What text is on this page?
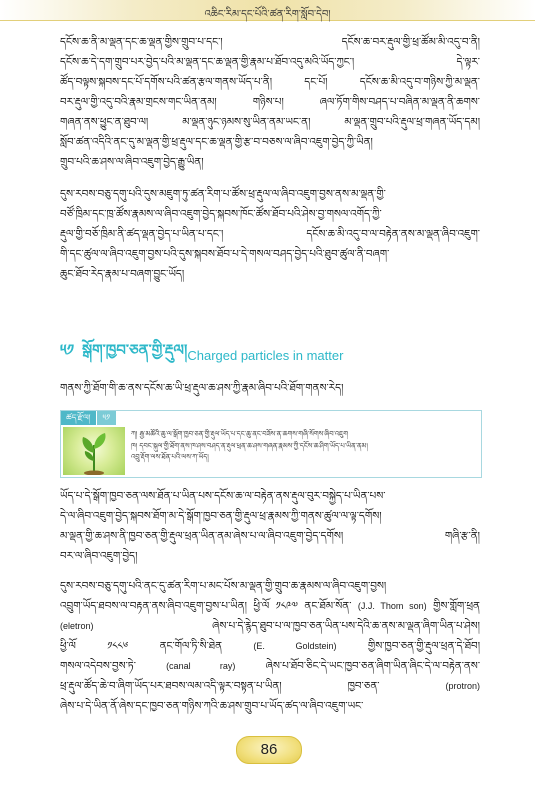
འཆིང་རིམ་དང་པོའི་ཚན་རིག་སློབ་དེབ།
དངོས་ཆ་ནི་མ་ལྡན་དང་ཆ་ལྡན་གྱིས་གྲུབ་པ་དང་། དངོས་ཆ་བར་རྡུལ་གྱི་ཕྲ་ཚོམ་མི་འདུ་བ་ནི།
དངོས་ཆ་དེ་དག་གྲུབ་པར་བྱེད་པའི་མ་ལྡན་དང་ཆ་ལྡན་གྱི་རྣམ་པ་ཐོབ་འདུ་མའི་ཡོད་ཀྱང་། དེ་ལྟར་
ཚོད་བལྟས་སྐབས་དང་པོ་དགོས་པའི་ཚན་རྩལ་གནས་ཡོད་པ་ནི། དང་པོ། དངོས་ཆ་མི་འདུ་བ་གཉིས་ཀྱི་མ་ལྡན་
བར་རྡུལ་གྱི་འདུ་བའི་རྣམ་གྲངས་གང་ཡིན་ནམ། གཉིས་པ། ཞལ་ཏོག་གིས་བཤད་པ་བཞིན་མ་ལྡན་ནི་ཆགས་
གཞན་ནས་ཕྱུང་ན་ཐུབ་ལ། མ་ལྡན་ཉུང་ཉམས་སུ་ཡིན་ནམ་ཡང་ན། མ་ལྡན་གྲུབ་པའི་རྡུལ་ཕྲ་གཞན་ཡོད་དམ།
སློབ་ཚན་འདིའི་ནང་དུ་མ་ལྡན་གྱི་ཕྲ་རྡུལ་དང་ཆ་ལྡན་གྱི་རྩ་བ་བཅས་ལ་ཞིབ་འཇུག་བྱེད་ཀྱི་ཡིན།
གྲུབ་པའི་ཆ་ཤས་ལ་ཞིབ་འཇུག་བྱེད་རྒྱུ་ཡིན།
དུས་རབས་བཅུ་དགུ་པའི་དུས་མཇུག་ཏུ་ཚན་རིག་པ་ཚོས་ཕྲ་རྡུལ་ལ་ཞིབ་འཇུག་བྱས་ནས་མ་ལྡན་གྱི་
བཙོ་ཁྲིམ་དང་ཁྲ་ཚོས་རྣམས་ལ་ཞིབ་འཇུག་བྱེད་སྐབས་ཁོང་ཚོས་ཐོབ་པའི་ཤེས་བྱ་གསལ་འགོད་ཀྱི་
རྡུལ་གྱི་བཅོ་ཁྲིམ་ནི་ཚད་ལྡན་བྱེད་པ་ཡིན་པ་དང་། དངོས་ཆ་མི་འདུ་བ་ལ་བརྟེན་ནས་མ་ལྡན་ཞིབ་འཇུག་
གི་དང་ཚུལ་ལ་ཞིབ་འཇུག་བྱས་པའི་དུས་སྐབས་ཐོབ་པ་དེ་གསལ་བཤད་བྱེད་པའི་ཐུབ་ཚུལ་ནི་བཞག་
ཆུང་ཐོབ་རེད་རྣམ་པ་བཞག་བྱུང་ཡོད།
༥༡ སྒོག་ཁྱབ་ཅན་གྱི་རྡུལ། Charged particles in matter
གནས་ཀྱི་ཐོག་གི་ཆ་ནས་དངོས་ཆ་ཡི་ཕྲ་རྡུལ་ཆ་ཤས་ཀྱི་རྣམ་ཞིབ་པའི་ཐོག་གནས་རེད།
ཚད་རྫོལ།	༥༡
ཀ། རྒྱ་མཚོའི་ཆུ་ལ་སྒོག་ཁྱབ་ཅན་གྱི་རྡུལ་ཡོད་པ་དང་ཆུ་ནང་བཟོས་ན་ཆགས་གཞི་སོགས་ཞིབ་འཇུག
ཁ། དབང་སྐུལ་གྱི་ཐོག་ནས་ཁ་ཤས་བཤད་ན་རྡུལ་ཕྲན་ཆ་ཤས་གཞན་རྣམས་ཀྱི་དངོས་ཆ་ཤིག་ཡོད་པ་ཡིན་ནམ།
འབྲུ་རྡོག་ལས་ཐོན་པའི་ལས་ཀ་ཡོད།
ཡོད་པ་དེ་སྒོག་ཁྱབ་ཅན་ལས་ཐོན་པ་ཡིན་པས་དངོས་ཆ་ལ་བརྟེན་ནས་རྡུལ་བུར་བསྐྱེད་པ་ཡིན་པས་
དེ་ལ་ཞིབ་འཇུག་བྱེད་སྐབས་ཐོག་མ་དེ་སྒོག་ཁྱབ་ཅན་གྱི་རྡུལ་ཕྲ་རྣམས་ཀྱི་གནས་ཚུལ་ལ་ལྟ་དགོས།
མ་ལྡན་གྱི་ཆ་ཤས་ནི་ཁྱབ་ཅན་གྱི་རྡུལ་ཕྲན་ཡིན་ནམ་ཞེས་པ་ལ་ཞིབ་འཇུག་བྱེད་དགོས། གཞི་རྩ་ནི།
བར་ལ་ཞིབ་འཇུག་བྱེད།
དུས་རབས་བཅུ་དགུ་པའི་ནང་དུ་ཚན་རིག་པ་མང་པོས་མ་ལྡན་གྱི་གྲུབ་ཆ་རྣམས་ལ་ཞིབ་འཇུག་བྱས།
འབྲུག་ཡོད་ཐབས་ལ་བརྟན་ནས་ཞིབ་འཇུག་བྱས་པ་ཡིན། ཕྱི་ལོ ༡༨༩༧ ནང་ཐོམ་སོན་ (J.J. Thom son) གྱིས་གློག་ཕྲན
(eletron) ཞེས་པ་དེ་རྙེད་ཐུབ་པ་ལ་ཁྱབ་ཅན་ཡིན་པས་དེའི་ཆ་ནས་མ་ལྡན་ཞིག་ཡིན་པ་ཤེས།
ཕྱི་ལོ ༡༨༨༦ ནང་གོལ་ཏི་སི་ཐེན (E. Goldstein) གྱིས་ཁྱབ་ཅན་གྱི་རྡུལ་ཕྲན་དེ་ཐོབ།
གསལ་འདེབས་བྱས་ཏེ་ (canal ray) ཞེས་པ་ཐོབ་ཅིང་དེ་ཡང་ཁྱབ་ཅན་ཞིག་ཡིན་ཞིང་དེ་ལ་བརྟེན་ནས་
ཕྲ་རྡུལ་ཚོད་ཆེ་བ་ཞིག་ཡོད་པར་ཐབས་ལམ་འདི་ལྟར་བསྟན་པ་ཡིན། ཁྱབ་ཅན་ (protron)
ཞེས་པ་དེ་ཡིན་ནོ་ཞེས་དང་ཁྱབ་ཅན་གཉིས་ཀའི་ཆ་ཤས་གྲུབ་པ་ཡོད་ཚད་ལ་ཞིབ་འཇུག་ཡང་
86
